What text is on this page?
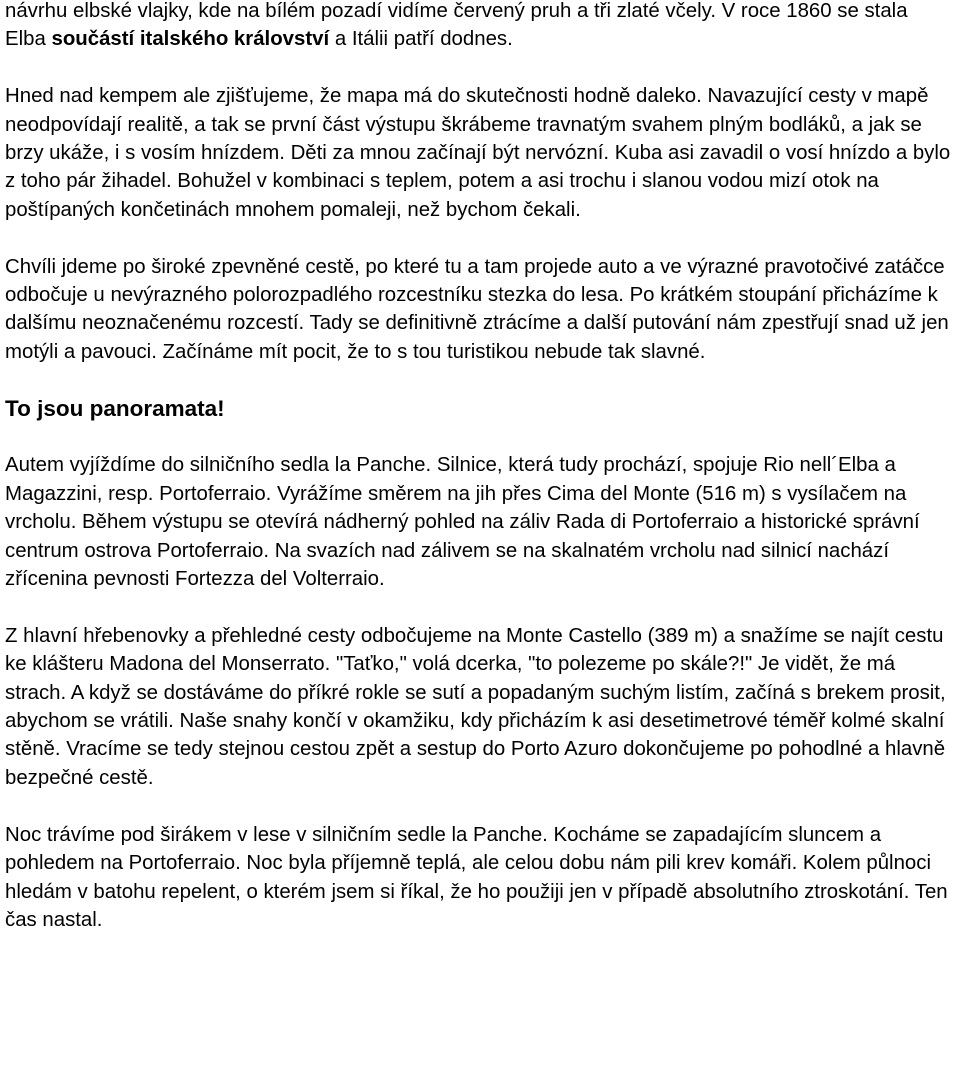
návrhu elbské vlajky, kde na bílém pozadí vidíme červený pruh a tři zlaté včely. V roce 1860 se stala Elba součástí italského království a Itálii patří dodnes.

Hned nad kempem ale zjišťujeme, že mapa má do skutečnosti hodně daleko. Navazující cesty v mapě neodpovídají realitě, a tak se první část výstupu škrábeme travnatým svahem plným bodláků, a jak se brzy ukáže, i s vosím hnízdem. Děti za mnou začínají být nervózní. Kuba asi zavadil o vosí hnízdo a bylo z toho pár žihadel. Bohužel v kombinaci s teplem, potem a asi trochu i slanou vodou mizí otok na poštípaných končetinách mnohem pomaleji, než bychom čekali.

Chvíli jdeme po široké zpevněné cestě, po které tu a tam projede auto a ve výrazné pravotočivé zatáčce odbočuje u nevýrazného polorozpadlého rozcestníku stezka do lesa. Po krátkém stoupání přicházíme k dalšímu neoznačenému rozcestí. Tady se definitivně ztrácíme a další putování nám zpestřují snad už jen motýli a pavouci. Začínáme mít pocit, že to s tou turistikou nebude tak slavné.

To jsou panoramata!

Autem vyjíždíme do silničního sedla la Panche. Silnice, která tudy prochází, spojuje Rio nell´Elba a Magazzini, resp. Portoferraio. Vyrážíme směrem na jih přes Cima del Monte (516 m) s vysílačem na vrcholu. Během výstupu se otevírá nádherný pohled na záliv Rada di Portoferraio a historické správní centrum ostrova Portoferraio. Na svazích nad zálivem se na skalnatém vrcholu nad silnicí nachází zřícenina pevnosti Fortezza del Volterraio.

Z hlavní hřebenovky a přehledné cesty odbočujeme na Monte Castello (389 m) a snažíme se najít cestu ke klášteru Madona del Monserrato. "Taťko," volá dcerka, "to polezeme po skále?!" Je vidět, že má strach. A když se dostáváme do příkré rokle se sutí a popadaným suchým listím, začíná s brekem prosit, abychom se vrátili. Naše snahy končí v okamžiku, kdy přicházím k asi desetimetrové téměř kolmé skalní stěně. Vracíme se tedy stejnou cestou zpět a sestup do Porto Azuro dokončujeme po pohodlné a hlavně bezpečné cestě.

Noc trávíme pod širákem v lese v silničním sedle la Panche. Kocháme se zapadajícím sluncem a pohledem na Portoferraio. Noc byla příjemně teplá, ale celou dobu nám pili krev komáři. Kolem půlnoci hledám v batohu repelent, o kterém jsem si říkal, že ho použiji jen v případě absolutního ztroskotání. Ten čas nastal.
